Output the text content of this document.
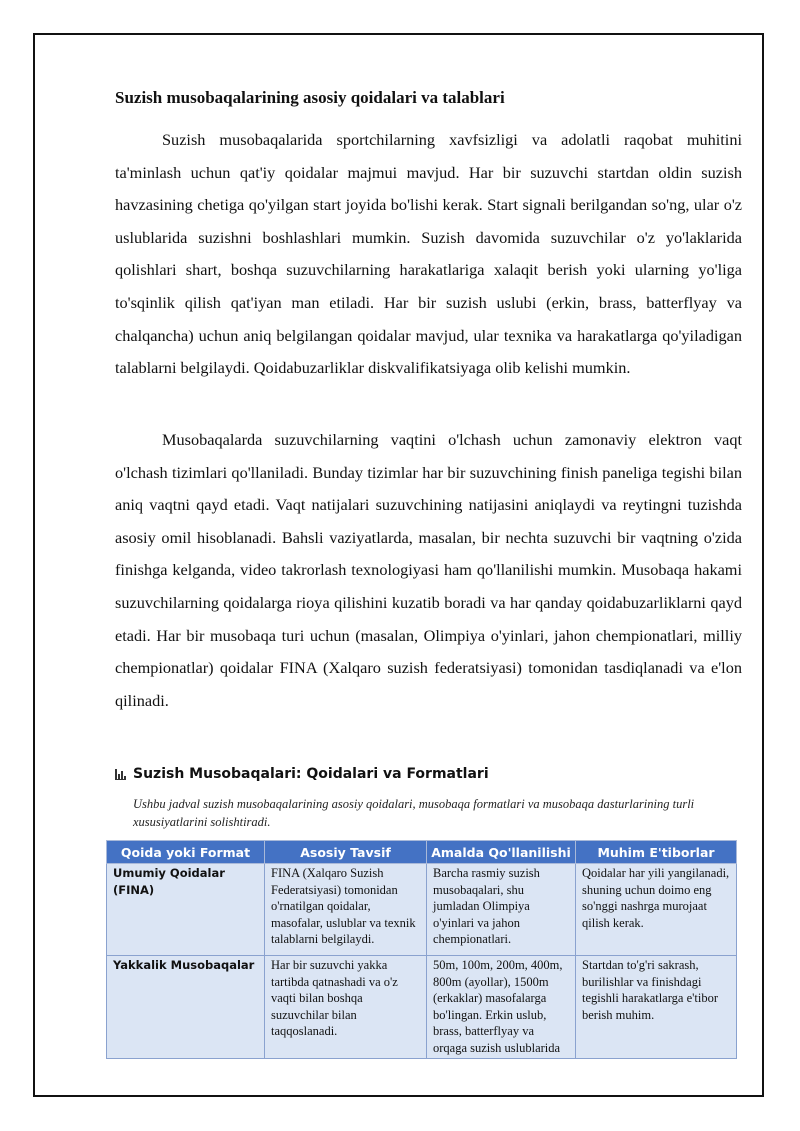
Suzish musobaqalarining asosiy qoidalari va talablari

Suzish musobaqalarida sportchilarning xavfsizligi va adolatli raqobat muhitini ta'minlash uchun qat'iy qoidalar majmui mavjud. Har bir suzuvchi startdan oldin suzish havzasining chetiga qo'yilgan start joyida bo'lishi kerak. Start signali berilgandan so'ng, ular o'z uslublarida suzishni boshlashlari mumkin. Suzish davomida suzuvchilar o'z yo'laklarida qolishlari shart, boshqa suzuvchilarning harakatlariga xalaqit berish yoki ularning yo'liga to'sqinlik qilish qat'iyan man etiladi. Har bir suzish uslubi (erkin, brass, batterflyay va chalqancha) uchun aniq belgilangan qoidalar mavjud, ular texnika va harakatlarga qo'yiladigan talablarni belgilaydi. Qoidabuzarliklar diskvalifikatsiyaga olib kelishi mumkin.

Musobaqalarda suzuvchilarning vaqtini o'lchash uchun zamonaviy elektron vaqt o'lchash tizimlari qo'llaniladi. Bunday tizimlar har bir suzuvchining finish paneliga tegishi bilan aniq vaqtni qayd etadi. Vaqt natijalari suzuvchining natijasini aniqlaydi va reytingni tuzishda asosiy omil hisoblanadi. Bahsli vaziyatlarda, masalan, bir nechta suzuvchi bir vaqtning o'zida finishga kelganda, video takrorlash texnologiyasi ham qo'llanilishi mumkin. Musobaqa hakami suzuvchilarning qoidalarga rioya qilishini kuzatib boradi va har qanday qoidabuzarliklarni qayd etadi. Har bir musobaqa turi uchun (masalan, Olimpiya o'yinlari, jahon chempionatlari, milliy chempionatlar) qoidalar FINA (Xalqaro suzish federatsiyasi) tomonidan tasdiqlanadi va e'lon qilinadi.

Suzish Musobaqalari: Qoidalari va Formatlari

Ushbu jadval suzish musobaqalarining asosiy qoidalari, musobaqa formatlari va musobaqa dasturlarining turli xususiyatlarini solishtiradi.

Qoida yoki Format	Asosiy Tavsif	Amalda Qo'llanilishi	Muhim E'tiborlar
Umumiy Qoidalar (FINA)	FINA (Xalqaro Suzish Federatsiyasi) tomonidan o'rnatilgan qoidalar, masofalar, uslublar va texnik talablarni belgilaydi.	Barcha rasmiy suzish musobaqalari, shu jumladan Olimpiya o'yinlari va jahon chempionatlari.	Qoidalar har yili yangilanadi, shuning uchun doimo eng so'nggi nashrga murojaat qilish kerak.
Yakkalik Musobaqalar	Har bir suzuvchi yakka tartibda qatnashadi va o'z vaqti bilan boshqa suzuvchilar bilan taqqoslanadi.	50m, 100m, 200m, 400m, 800m (ayollar), 1500m (erkaklar) masofalarga bo'lingan. Erkin uslub, brass, batterflyay va orqaga suzish uslublarida	Startdan to'g'ri sakrash, burilishlar va finishdagi tegishli harakatlarga e'tibor berish muhim.
